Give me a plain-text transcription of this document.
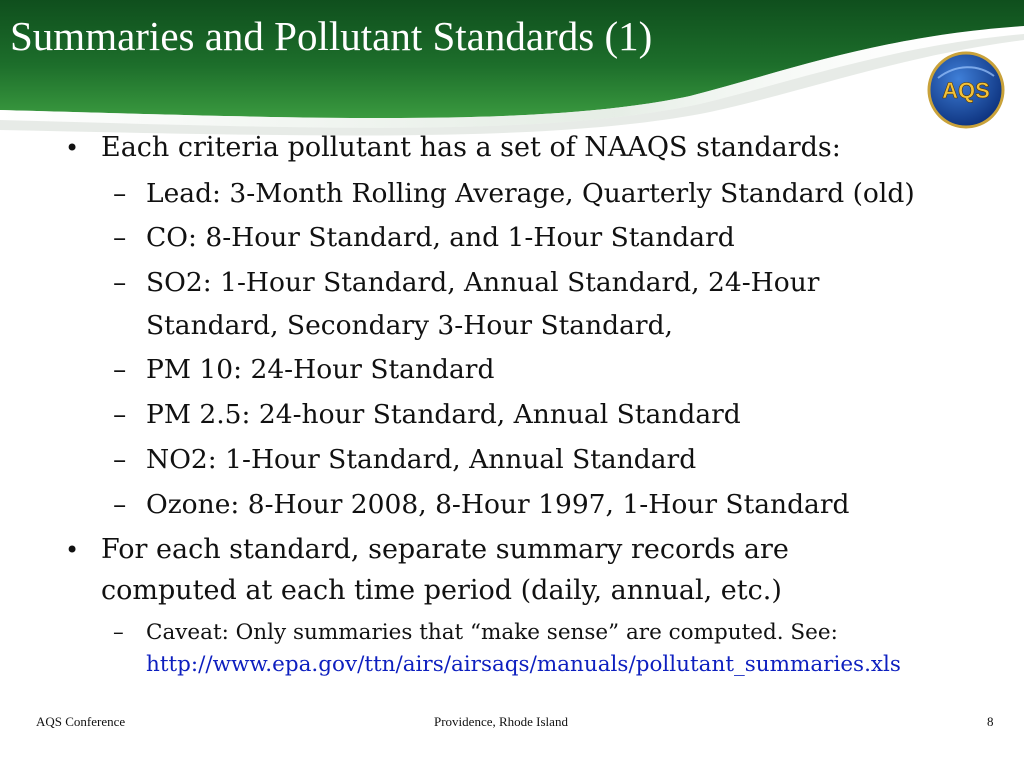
Summaries and Pollutant Standards (1)
AQS
• Each criteria pollutant has a set of NAAQS standards:
– Lead: 3-Month Rolling Average, Quarterly Standard (old)
– CO: 8-Hour Standard, and 1-Hour Standard
– SO2: 1-Hour Standard, Annual Standard, 24-Hour
Standard, Secondary 3-Hour Standard,
– PM 10: 24-Hour Standard
– PM 2.5: 24-hour Standard, Annual Standard
– NO2: 1-Hour Standard, Annual Standard
– Ozone: 8-Hour 2008, 8-Hour 1997, 1-Hour Standard
• For each standard, separate summary records are
computed at each time period (daily, annual, etc.)
– Caveat: Only summaries that “make sense” are computed. See:
http://www.epa.gov/ttn/airs/airsaqs/manuals/pollutant_summaries.xls
AQS Conference	Providence, Rhode Island	8
